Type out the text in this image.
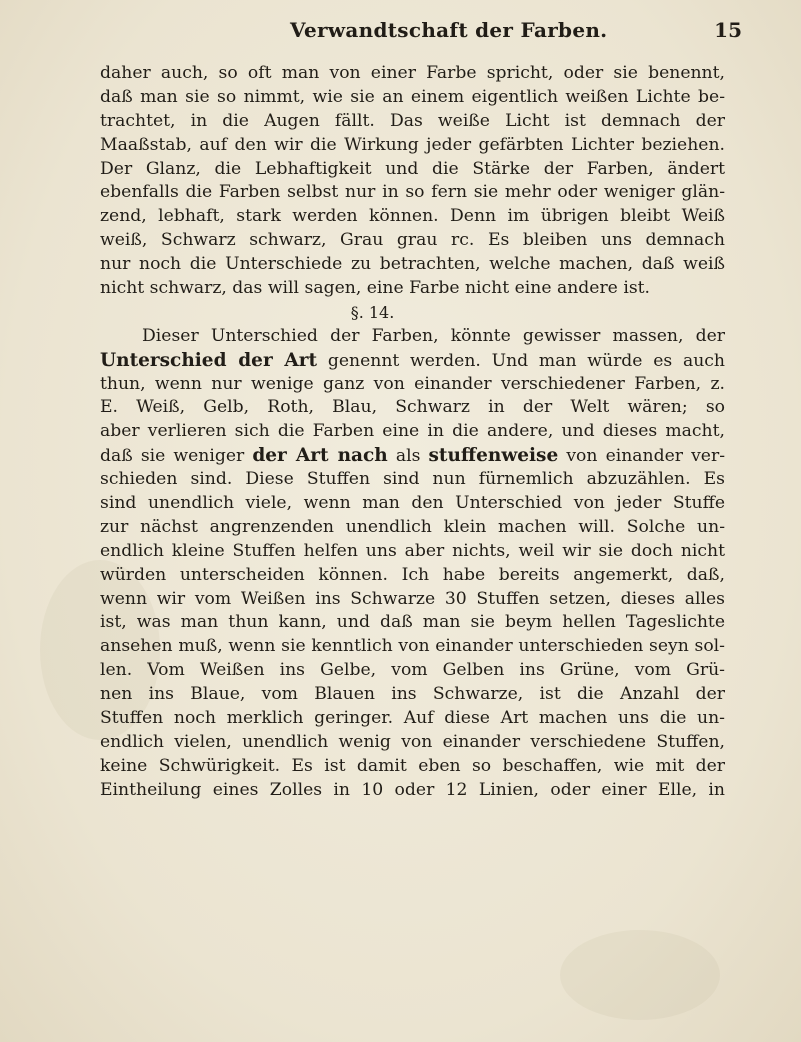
Verwandtschaft der Farben.	15
daher auch, so oft man von einer Farbe spricht, oder sie benennt,
daß man sie so nimmt, wie sie an einem eigentlich weißen Lichte be-
trachtet, in die Augen fällt. Das weiße Licht ist demnach der
Maaßstab, auf den wir die Wirkung jeder gefärbten Lichter beziehen.
Der Glanz, die Lebhaftigkeit und die Stärke der Farben, ändert
ebenfalls die Farben selbst nur in so fern sie mehr oder weniger glän-
zend, lebhaft, stark werden können. Denn im übrigen bleibt Weiß
weiß, Schwarz schwarz, Grau grau rc. Es bleiben uns demnach
nur noch die Unterschiede zu betrachten, welche machen, daß weiß
nicht schwarz, das will sagen, eine Farbe nicht eine andere ist.
§. 14.
Dieser Unterschied der Farben, könnte gewisser massen, der
Unterschied der Art genennt werden. Und man würde es auch
thun, wenn nur wenige ganz von einander verschiedener Farben, z.
E. Weiß, Gelb, Roth, Blau, Schwarz in der Welt wären; so
aber verlieren sich die Farben eine in die andere, und dieses macht,
daß sie weniger der Art nach als stuffenweise von einander ver-
schieden sind. Diese Stuffen sind nun fürnemlich abzuzählen. Es
sind unendlich viele, wenn man den Unterschied von jeder Stuffe
zur nächst angrenzenden unendlich klein machen will. Solche un-
endlich kleine Stuffen helfen uns aber nichts, weil wir sie doch nicht
würden unterscheiden können. Ich habe bereits angemerkt, daß,
wenn wir vom Weißen ins Schwarze 30 Stuffen setzen, dieses alles
ist, was man thun kann, und daß man sie beym hellen Tageslichte
ansehen muß, wenn sie kenntlich von einander unterschieden seyn sol-
len. Vom Weißen ins Gelbe, vom Gelben ins Grüne, vom Grü-
nen ins Blaue, vom Blauen ins Schwarze, ist die Anzahl der
Stuffen noch merklich geringer. Auf diese Art machen uns die un-
endlich vielen, unendlich wenig von einander verschiedene Stuffen,
keine Schwürigkeit. Es ist damit eben so beschaffen, wie mit der
Eintheilung eines Zolles in 10 oder 12 Linien, oder einer Elle, in
